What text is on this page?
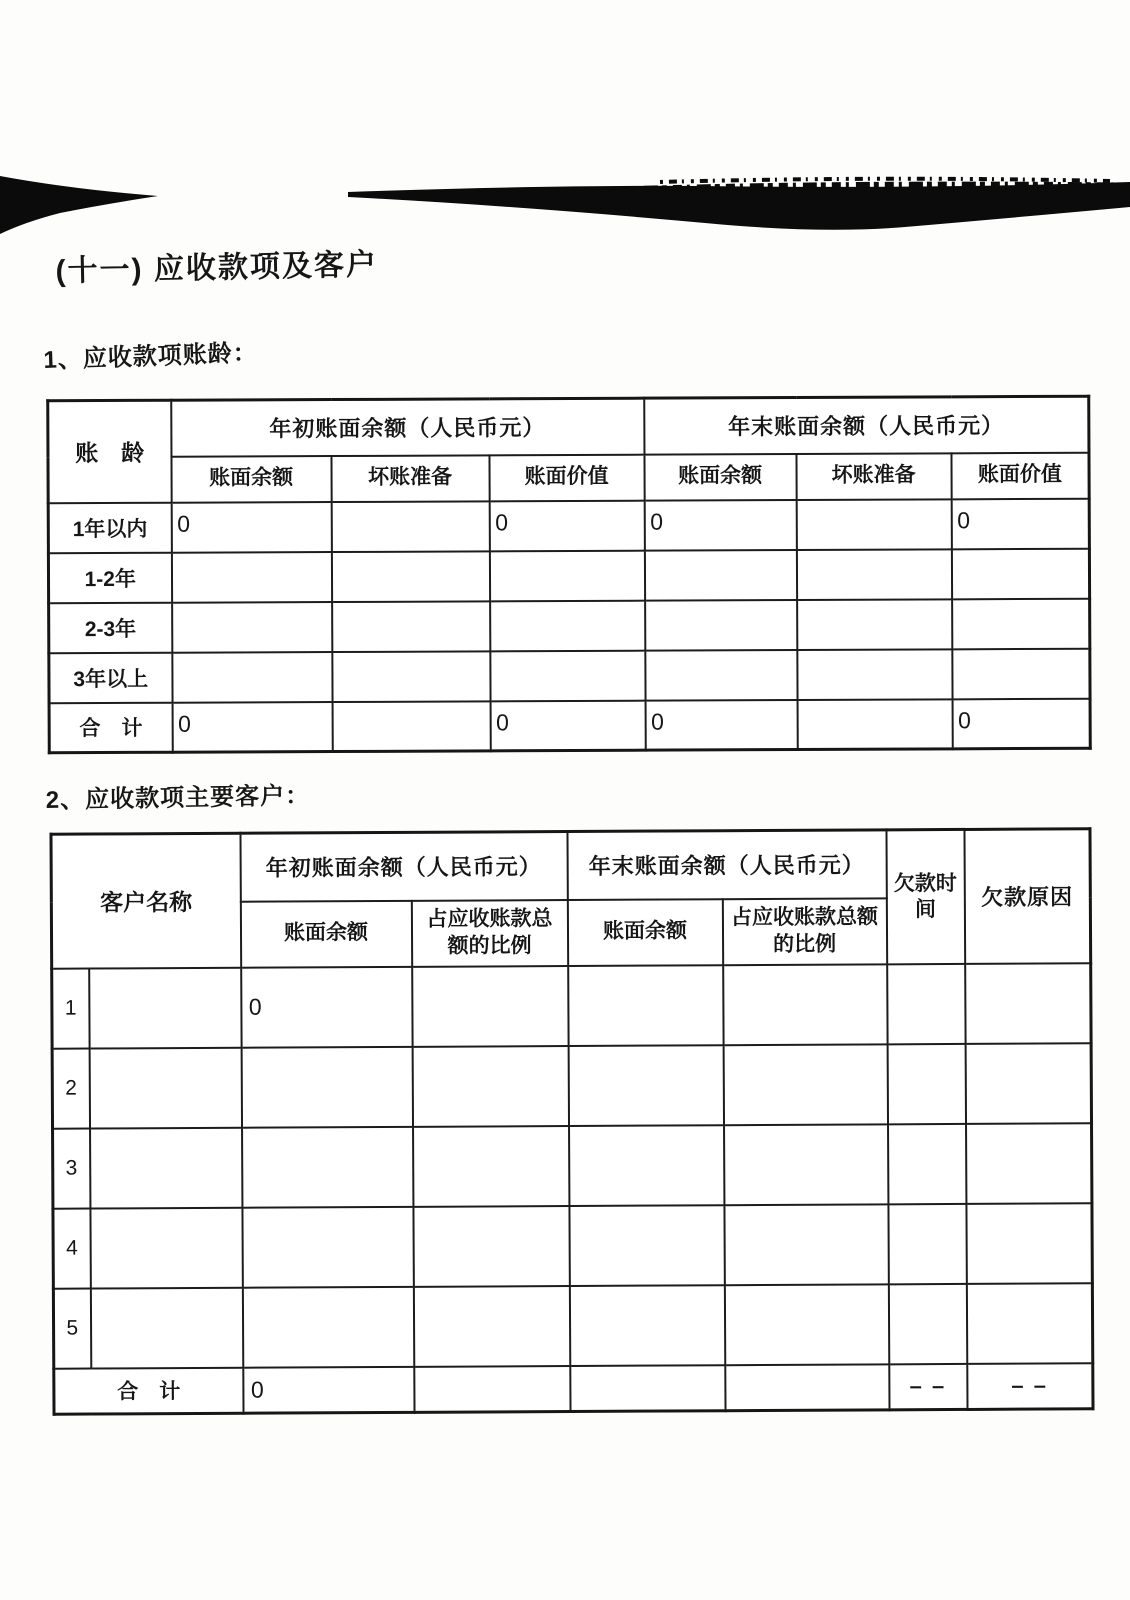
(十一) 应收款项及客户
1、应收款项账龄：
账　龄	年初账面余额（人民币元）			年末账面余额（人民币元）		
	账面余额	坏账准备	账面价值	账面余额	坏账准备	账面价值
1年以内	0		0	0		0
1-2年						
2-3年						
3年以上						
合　计	0		0	0		0
2、应收款项主要客户：
客户名称		年初账面余额（人民币元）		年末账面余额（人民币元）		欠款时间	欠款原因
		账面余额	占应收账款总额的比例	账面余额	占应收账款总额的比例		
1		0					
2							
3							
4							
5							
合　计		0				– –	– –
